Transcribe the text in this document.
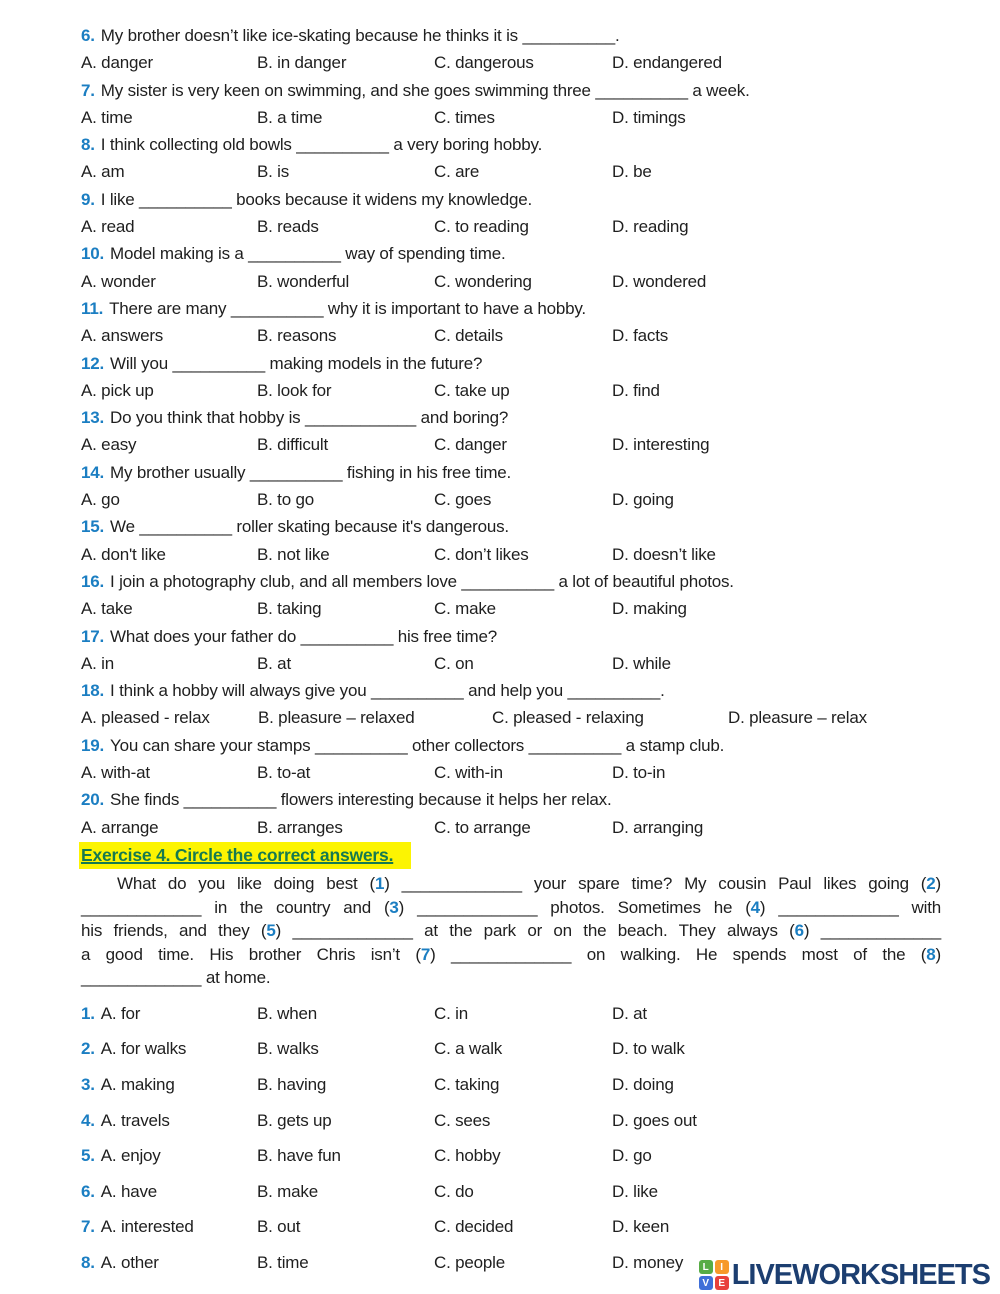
6. My brother doesn’t like ice-skating because he thinks it is __________.
A. danger	B. in danger	C. dangerous	D. endangered
7. My sister is very keen on swimming, and she goes swimming three __________ a week.
A. time	B. a time	C. times	D. timings
8. I think collecting old bowls __________ a very boring hobby.
A. am	B. is	C. are	D. be
9. I like __________ books because it widens my knowledge.
A. read	B. reads	C. to reading	D. reading
10. Model making is a __________ way of spending time.
A. wonder	B. wonderful	C. wondering	D. wondered
11. There are many __________ why it is important to have a hobby.
A. answers	B. reasons	C. details	D. facts
12. Will you __________ making models in the future?
A. pick up	B. look for	C. take up	D. find
13. Do you think that hobby is ____________ and boring?
A. easy	B. difficult	C. danger	D. interesting
14. My brother usually __________ fishing in his free time.
A. go	B. to go	C. goes	D. going
15. We __________ roller skating because it's dangerous.
A. don't like	B. not like	C. don’t likes	D. doesn’t like
16. I join a photography club, and all members love __________ a lot of beautiful photos.
A. take	B. taking	C. make	D. making
17. What does your father do __________ his free time?
A. in	B. at	C. on	D. while
18. I think a hobby will always give you __________ and help you __________.
A. pleased - relax	B. pleasure – relaxed	C. pleased - relaxing	D. pleasure – relax
19. You can share your stamps __________ other collectors __________ a stamp club.
A. with-at	B. to-at	C. with-in	D. to-in
20. She finds __________ flowers interesting because it helps her relax.
A. arrange	B. arranges	C. to arrange	D. arranging
Exercise 4. Circle the correct answers.
What do you like doing best (1) _____________ your spare time? My cousin Paul likes going (2)
_____________ in the country and (3) _____________ photos. Sometimes he (4) _____________ with
his friends, and they (5) _____________ at the park or on the beach. They always (6) _____________
a good time. His brother Chris isn’t (7) _____________ on walking. He spends most of the (8)
_____________ at home.
1. A. for	B. when	C. in	D. at
2. A. for walks	B. walks	C. a walk	D. to walk
3. A. making	B. having	C. taking	D. doing
4. A. travels	B. gets up	C. sees	D. goes out
5. A. enjoy	B. have fun	C. hobby	D. go
6. A. have	B. make	C. do	D. like
7. A. interested	B. out	C. decided	D. keen
8. A. other	B. time	C. people	D. money	L	I
V E LIVEWORKSHEETS
